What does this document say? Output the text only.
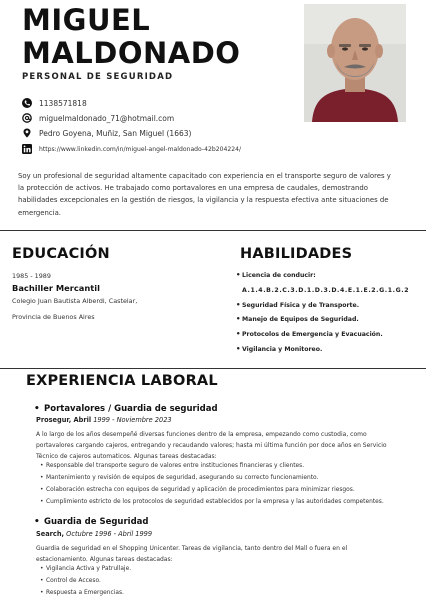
MIGUEL
MALDONADO
PERSONAL DE SEGURIDAD
1138571818
miguelmaldonado_71@hotmail.com
Pedro Goyena, Muñiz, San Miguel (1663)
https://www.linkedin.com/in/miguel-angel-maldonado-42b204224/
Soy un profesional de seguridad altamente capacitado con experiencia en el transporte seguro de valores y la protección de activos. He trabajado como portavalores en una empresa de caudales, demostrando habilidades excepcionales en la gestión de riesgos, la vigilancia y la respuesta efectiva ante situaciones de emergencia.
EDUCACIÓN
1985 - 1989
Bachiller Mercantil
Colegio Juan Bautista Alberdi, Castelar,
Provincia de Buenos Aires
HABILIDADES
• Licencia de conducir:
A.1.4.B.2.C.3.D.1.D.3.D.4.E.1.E.2.G.1.G.2
• Seguridad Física y de Transporte.
• Manejo de Equipos de Seguridad.
• Protocolos de Emergencia y Evacuación.
• Vigilancia y Monitoreo.
EXPERIENCIA LABORAL
• Portavalores / Guardia de seguridad
Prosegur, Abril 1999 - Noviembre 2023
A lo largo de los años desempeñé diversas funciones dentro de la empresa, empezando como custodia, como
portavalores cargando cajeros, entregando y recaudando valores; hasta mi última función por doce años en Servicio
Técnico de cajeros automaticos. Algunas tareas destacadas:
• Responsable del transporte seguro de valores entre instituciones financieras y clientes.
• Mantenimiento y revisión de equipos de seguridad, asegurando su correcto funcionamiento.
• Colaboración estrecha con equipos de seguridad y aplicación de procedimientos para minimizar riesgos.
• Cumplimiento estricto de los protocolos de seguridad establecidos por la empresa y las autoridades competentes.
• Guardia de Seguridad
Search, Octubre 1996 - Abril 1999
Guardia de seguridad en el Shopping Unicenter. Tareas de vigilancia, tanto dentro del Mall o fuera en el
estacionamiento. Algunas tareas destacadas:
• Vigilancia Activa y Patrullaje.
• Control de Acceso.
• Respuesta a Emergencias.
